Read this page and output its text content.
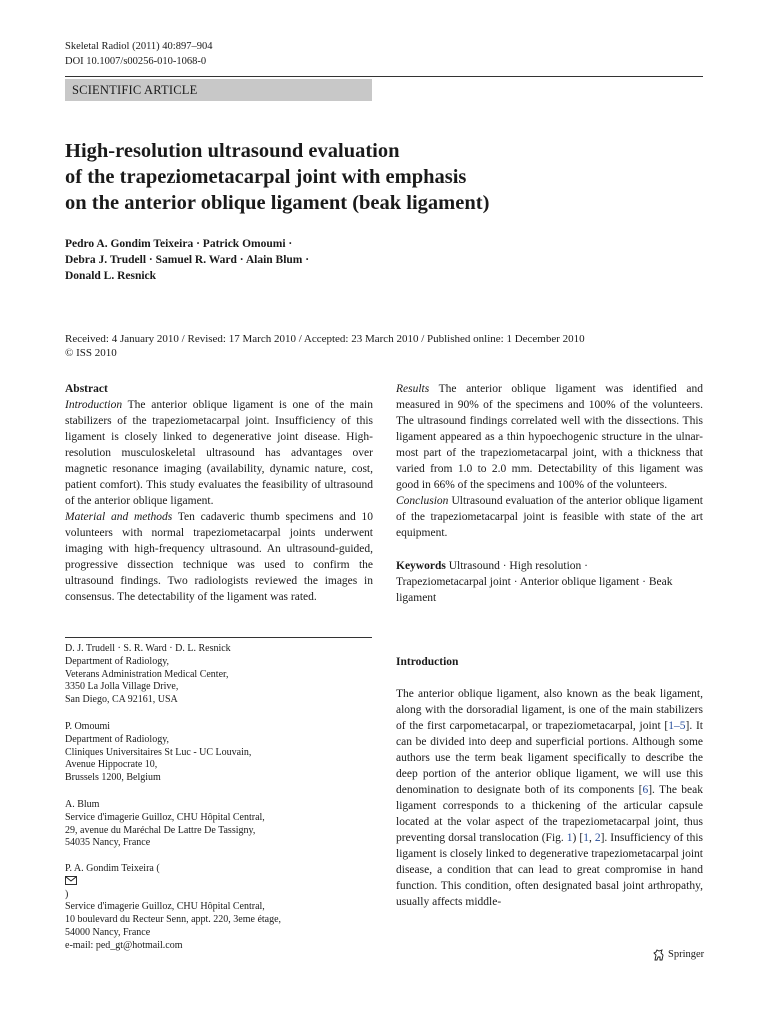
Skeletal Radiol (2011) 40:897–904
DOI 10.1007/s00256-010-1068-0
SCIENTIFIC ARTICLE
High-resolution ultrasound evaluation
of the trapeziometacarpal joint with emphasis
on the anterior oblique ligament (beak ligament)
Pedro A. Gondim Teixeira · Patrick Omoumi ·
Debra J. Trudell · Samuel R. Ward · Alain Blum ·
Donald L. Resnick
Received: 4 January 2010 / Revised: 17 March 2010 / Accepted: 23 March 2010 / Published online: 1 December 2010
© ISS 2010

Abstract

Introduction The anterior oblique ligament is one of the main stabilizers of the trapeziometacarpal joint. Insufficiency of this ligament is closely linked to degenerative joint disease. High-resolution musculoskeletal ultrasound has advantages over magnetic resonance imaging (availability, dynamic nature, cost, patient comfort). This study evaluates the feasibility of ultrasound of the anterior oblique ligament.

Material and methods Ten cadaveric thumb specimens and 10 volunteers with normal trapeziometacarpal joints underwent imaging with high-frequency ultrasound. An ultrasound-guided, progressive dissection technique was used to confirm the ultrasound findings. Two radiologists reviewed the images in consensus. The detectability of the ligament was rated.

Results The anterior oblique ligament was identified and measured in 90% of the specimens and 100% of the volunteers. The ultrasound findings correlated well with the dissections. This ligament appeared as a thin hypoechogenic structure in the ulnar-most part of the trapeziometacarpal joint, with a thickness that varied from 1.0 to 2.0 mm. Detectability of this ligament was good in 66% of the specimens and 100% of the volunteers.

Conclusion Ultrasound evaluation of the anterior oblique ligament of the trapeziometacarpal joint is feasible with state of the art equipment.

Keywords Ultrasound · High resolution ·
Trapeziometacarpal joint · Anterior oblique ligament · Beak
ligament

D. J. Trudell · S. R. Ward · D. L. Resnick
Department of Radiology,
Veterans Administration Medical Center,
3350 La Jolla Village Drive,
San Diego, CA 92161, USA
P. Omoumi
Department of Radiology,
Cliniques Universitaires St Luc - UC Louvain,
Avenue Hippocrate 10,
Brussels 1200, Belgium
A. Blum
Service d'imagerie Guilloz, CHU Hôpital Central,
29, avenue du Maréchal De Lattre De Tassigny,
54035 Nancy, France
P. A. Gondim Teixeira (
)
Service d'imagerie Guilloz, CHU Hôpital Central,
10 boulevard du Recteur Senn, appt. 220, 3eme étage,
54000 Nancy, France
e-mail: ped_gt@hotmail.com
Introduction

The anterior oblique ligament, also known as the beak ligament, along with the dorsoradial ligament, is one of the main stabilizers of the first carpometacarpal, or trapeziometacarpal, joint [1–5]. It can be divided into deep and superficial portions. Although some authors use the term beak ligament specifically to describe the deep portion of the anterior oblique ligament, we will use this denomination to designate both of its components [6]. The beak ligament corresponds to a thickening of the articular capsule located at the volar aspect of the trapeziometacarpal joint, thus preventing dorsal translocation (Fig. 1) [1, 2]. Insufficiency of this ligament is closely linked to degenerative trapeziometacarpal joint disease, a condition that can lead to great compromise in hand function. This condition, often designated basal joint arthropathy, usually affects middle-

Springer
